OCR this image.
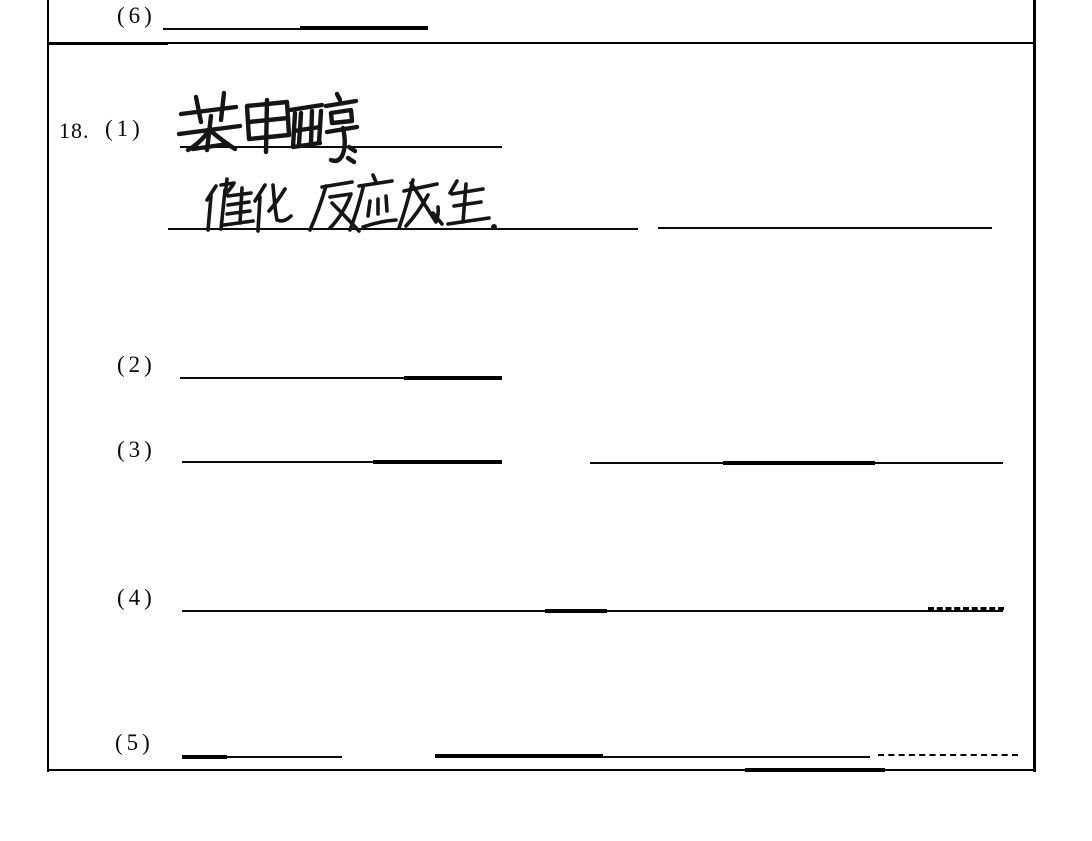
(6)
18. (1)
(2)
(3)
(4)
(5)
